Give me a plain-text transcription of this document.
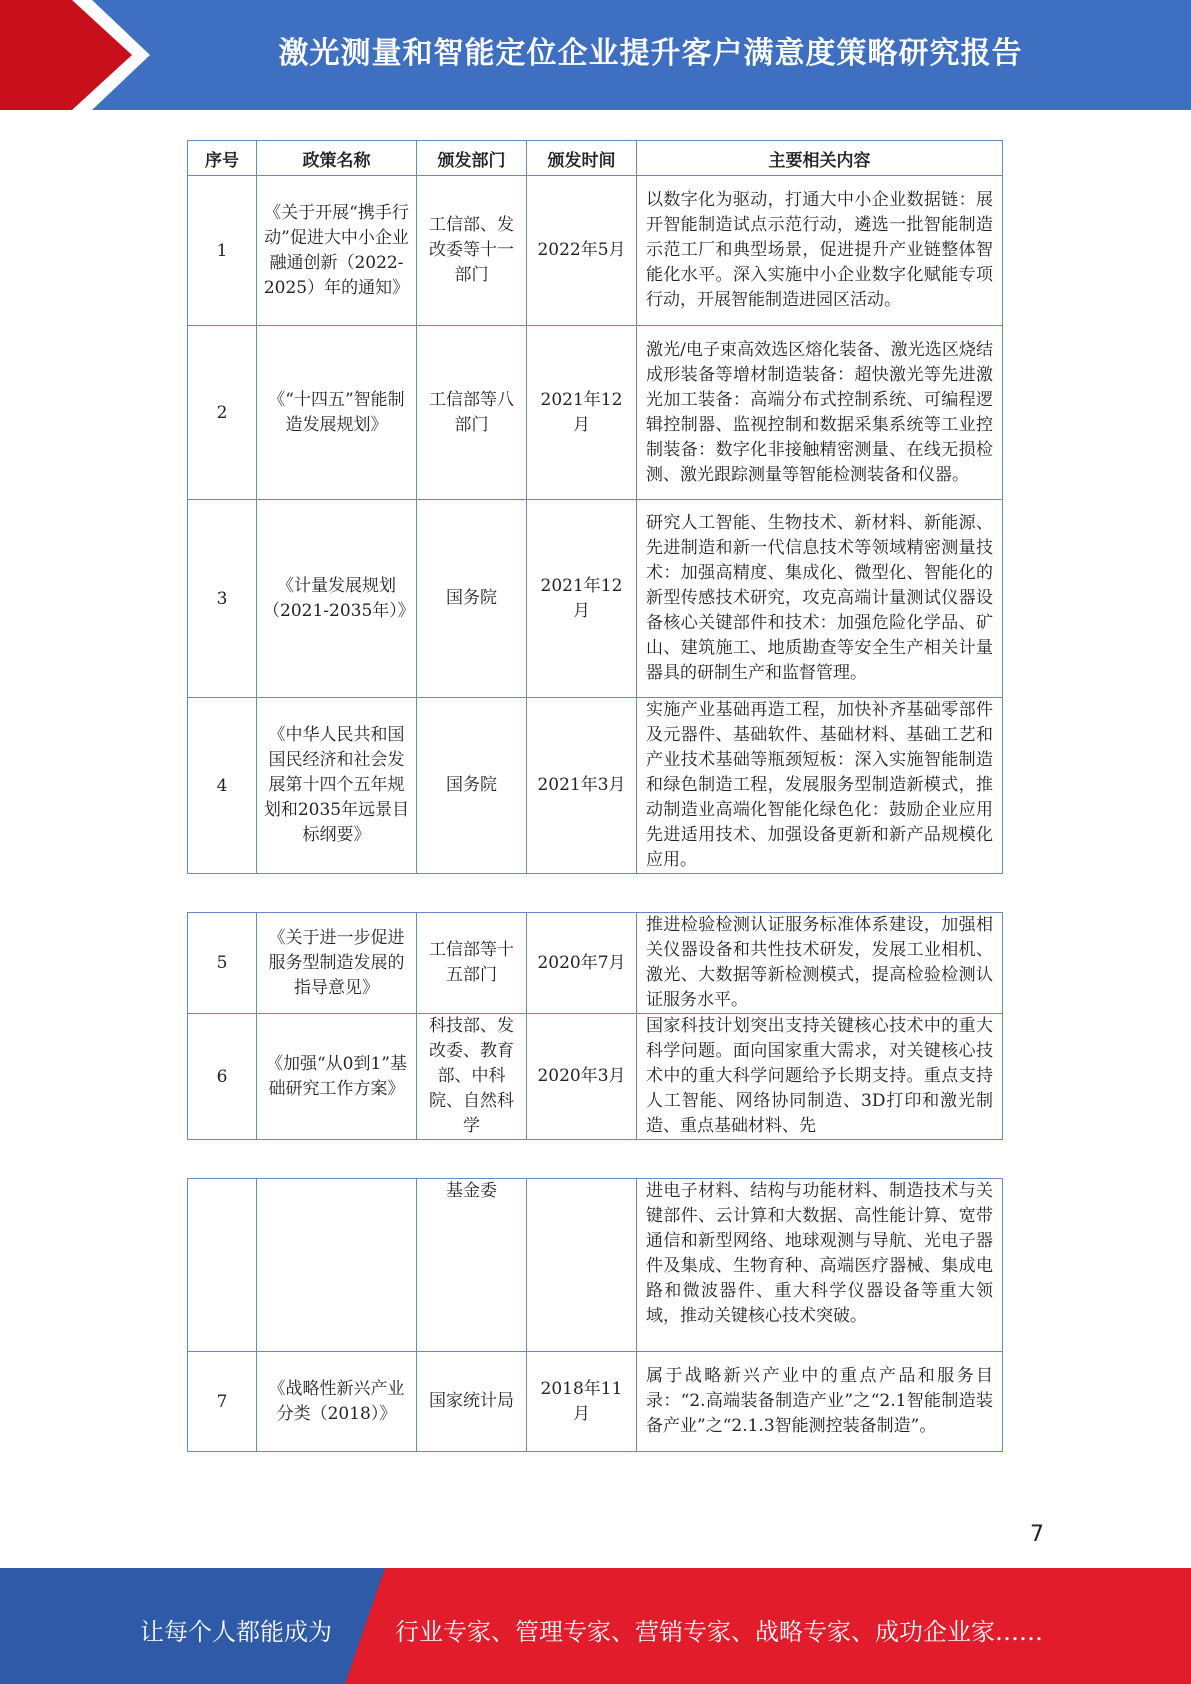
激光测量和智能定位企业提升客户满意度策略研究报告
序号	政策名称	颁发部门	颁发时间	主要相关内容
1	《关于开展“携手行动”促进大中小企业融通创新（2022-2025）年的通知》	工信部、发改委等十一部门	2022年5月	以数字化为驱动，打通大中小企业数据链：展开智能制造试点示范行动，遴选一批智能制造示范工厂和典型场景，促进提升产业链整体智能化水平。深入实施中小企业数字化赋能专项行动，开展智能制造进园区活动。
2	《“十四五”智能制造发展规划》	工信部等八部门	2021年12月	激光/电子束高效选区熔化装备、激光选区烧结成形装备等增材制造装备：超快激光等先进激光加工装备：高端分布式控制系统、可编程逻辑控制器、监视控制和数据采集系统等工业控制装备：数字化非接触精密测量、在线无损检测、激光跟踪测量等智能检测装备和仪器。
3	《计量发展规划（2021-2035年）》	国务院	2021年12月	研究人工智能、生物技术、新材料、新能源、先进制造和新一代信息技术等领域精密测量技术：加强高精度、集成化、微型化、智能化的新型传感技术研究，攻克高端计量测试仪器设备核心关键部件和技术：加强危险化学品、矿山、建筑施工、地质勘查等安全生产相关计量器具的研制生产和监督管理。
4	《中华人民共和国国民经济和社会发展第十四个五年规划和2035年远景目标纲要》	国务院	2021年3月	实施产业基础再造工程，加快补齐基础零部件及元器件、基础软件、基础材料、基础工艺和产业技术基础等瓶颈短板：深入实施智能制造和绿色制造工程，发展服务型制造新模式，推动制造业高端化智能化绿色化：鼓励企业应用先进适用技术、加强设备更新和新产品规模化应用。
5	《关于进一步促进服务型制造发展的指导意见》	工信部等十五部门	2020年7月	推进检验检测认证服务标准体系建设，加强相关仪器设备和共性技术研发，发展工业相机、激光、大数据等新检测模式，提高检验检测认证服务水平。
6	《加强“从0到1”基础研究工作方案》	科技部、发改委、教育部、中科院、自然科学	2020年3月	国家科技计划突出支持关键核心技术中的重大科学问题。面向国家重大需求，对关键核心技术中的重大科学问题给予长期支持。重点支持人工智能、网络协同制造、3D打印和激光制造、重点基础材料、先
		基金委		进电子材料、结构与功能材料、制造技术与关键部件、云计算和大数据、高性能计算、宽带通信和新型网络、地球观测与导航、光电子器件及集成、生物育种、高端医疗器械、集成电路和微波器件、重大科学仪器设备等重大领域，推动关键核心技术突破。
7	《战略性新兴产业分类（2018）》	国家统计局	2018年11月	属于战略新兴产业中的重点产品和服务目录：“2.高端装备制造产业”之“2.1智能制造装备产业”之“2.1.3智能测控装备制造”。
7
让每个人都能成为	行业专家、管理专家、营销专家、战略专家、成功企业家……
